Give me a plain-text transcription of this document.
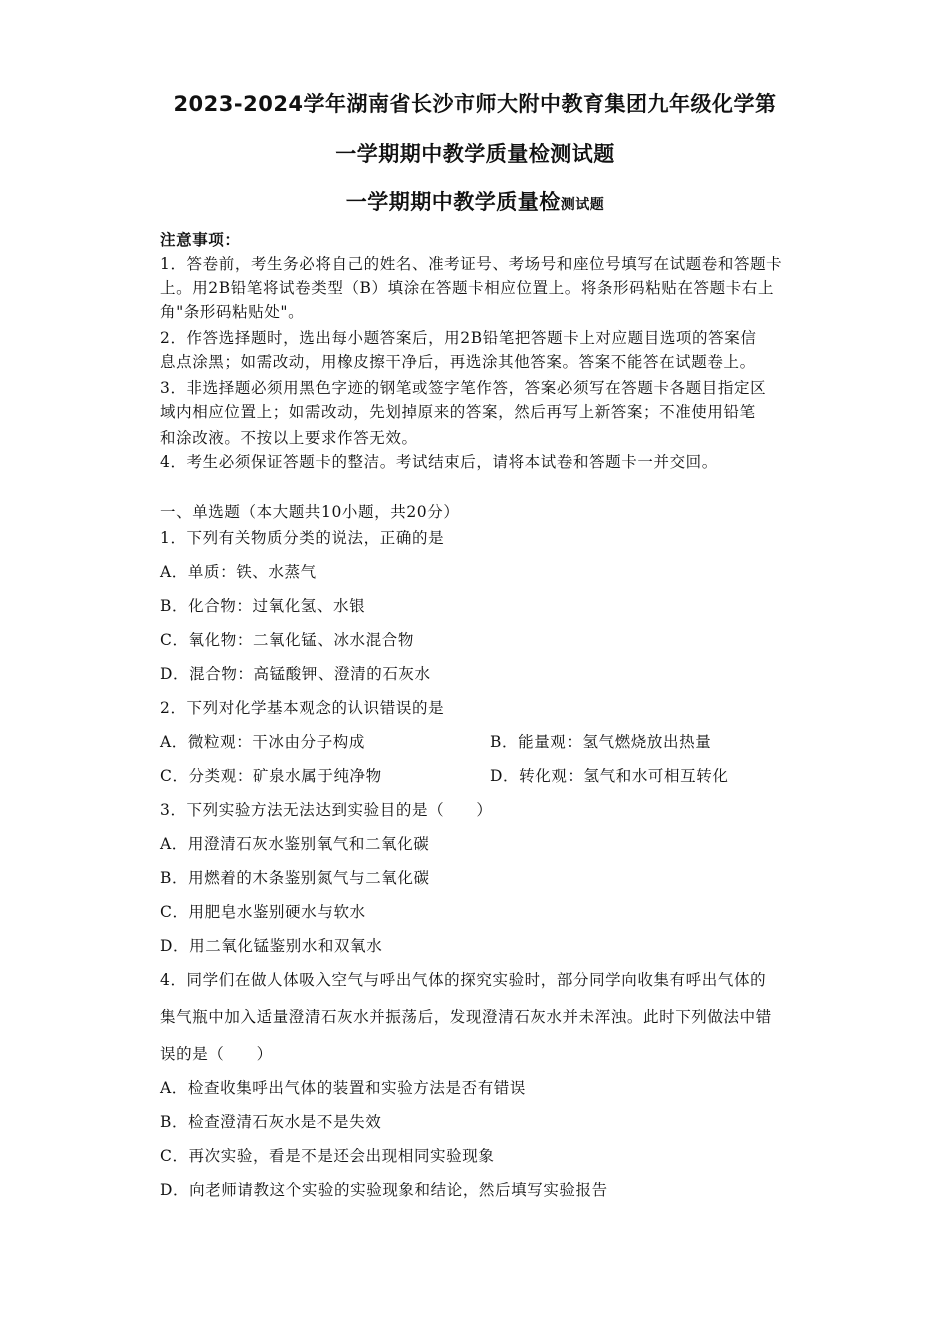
2023-2024学年湖南省长沙市师大附中教育集团九年级化学第
一学期期中教学质量检测试题
一学期期中教学质量检测试题
注意事项：
1．答卷前，考生务必将自己的姓名、准考证号、考场号和座位号填写在试题卷和答题卡
上。用2B铅笔将试卷类型（B）填涂在答题卡相应位置上。将条形码粘贴在答题卡右上
角"条形码粘贴处"。
2．作答选择题时，选出每小题答案后，用2B铅笔把答题卡上对应题目选项的答案信
息点涂黑；如需改动，用橡皮擦干净后，再选涂其他答案。答案不能答在试题卷上。
3．非选择题必须用黑色字迹的钢笔或签字笔作答，答案必须写在答题卡各题目指定区
域内相应位置上；如需改动，先划掉原来的答案，然后再写上新答案；不准使用铅笔
和涂改液。不按以上要求作答无效。
4．考生必须保证答题卡的整洁。考试结束后，请将本试卷和答题卡一并交回。
一、单选题（本大题共10小题，共20分）
1．下列有关物质分类的说法，正确的是
A．单质：铁、水蒸气
B．化合物：过氧化氢、水银
C．氧化物：二氧化锰、冰水混合物
D．混合物：高锰酸钾、澄清的石灰水
2．下列对化学基本观念的认识错误的是
A．微粒观：干冰由分子构成	B．能量观：氢气燃烧放出热量
C．分类观：矿泉水属于纯净物	D．转化观：氢气和水可相互转化
3．下列实验方法无法达到实验目的是（　　）
A．用澄清石灰水鉴别氧气和二氧化碳
B．用燃着的木条鉴别氮气与二氧化碳
C．用肥皂水鉴别硬水与软水
D．用二氧化锰鉴别水和双氧水
4．同学们在做人体吸入空气与呼出气体的探究实验时，部分同学向收集有呼出气体的
集气瓶中加入适量澄清石灰水并振荡后，发现澄清石灰水并未浑浊。此时下列做法中错
误的是（　　）
A．检查收集呼出气体的装置和实验方法是否有错误
B．检查澄清石灰水是不是失效
C．再次实验，看是不是还会出现相同实验现象
D．向老师请教这个实验的实验现象和结论，然后填写实验报告
